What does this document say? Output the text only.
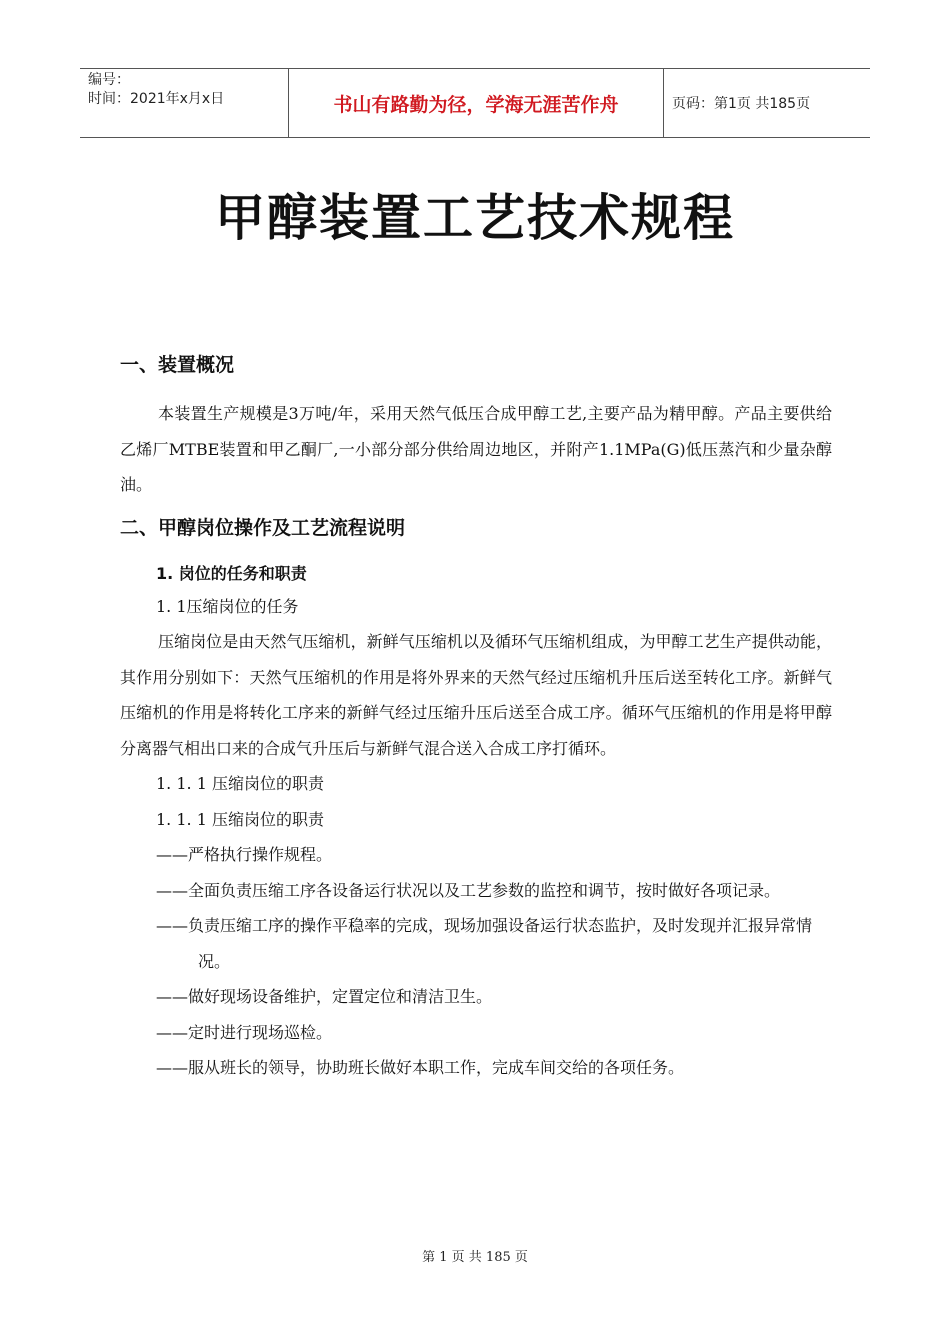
编号：
时间：2021年x月x日	书山有路勤为径，学海无涯苦作舟	页码：第1页 共185页
甲醇装置工艺技术规程

一、装置概况

本装置生产规模是3万吨/年，采用天然气低压合成甲醇工艺,主要产品为精甲醇。产品主要供给乙烯厂MTBE装置和甲乙酮厂,一小部分部分供给周边地区，并附产1.1MPa(G)低压蒸汽和少量杂醇油。

二、甲醇岗位操作及工艺流程说明

1. 岗位的任务和职责

1. 1压缩岗位的任务

压缩岗位是由天然气压缩机，新鲜气压缩机以及循环气压缩机组成，为甲醇工艺生产提供动能，其作用分别如下：天然气压缩机的作用是将外界来的天然气经过压缩机升压后送至转化工序。新鲜气压缩机的作用是将转化工序来的新鲜气经过压缩升压后送至合成工序。循环气压缩机的作用是将甲醇分离器气相出口来的合成气升压后与新鲜气混合送入合成工序打循环。

1. 1. 1 压缩岗位的职责

1. 1. 1 压缩岗位的职责

——严格执行操作规程。

——全面负责压缩工序各设备运行状况以及工艺参数的监控和调节，按时做好各项记录。

——负责压缩工序的操作平稳率的完成，现场加强设备运行状态监护，及时发现并汇报异常情况。

——做好现场设备维护，定置定位和清洁卫生。

——定时进行现场巡检。

——服从班长的领导，协助班长做好本职工作，完成车间交给的各项任务。

第 1 页 共 185 页
